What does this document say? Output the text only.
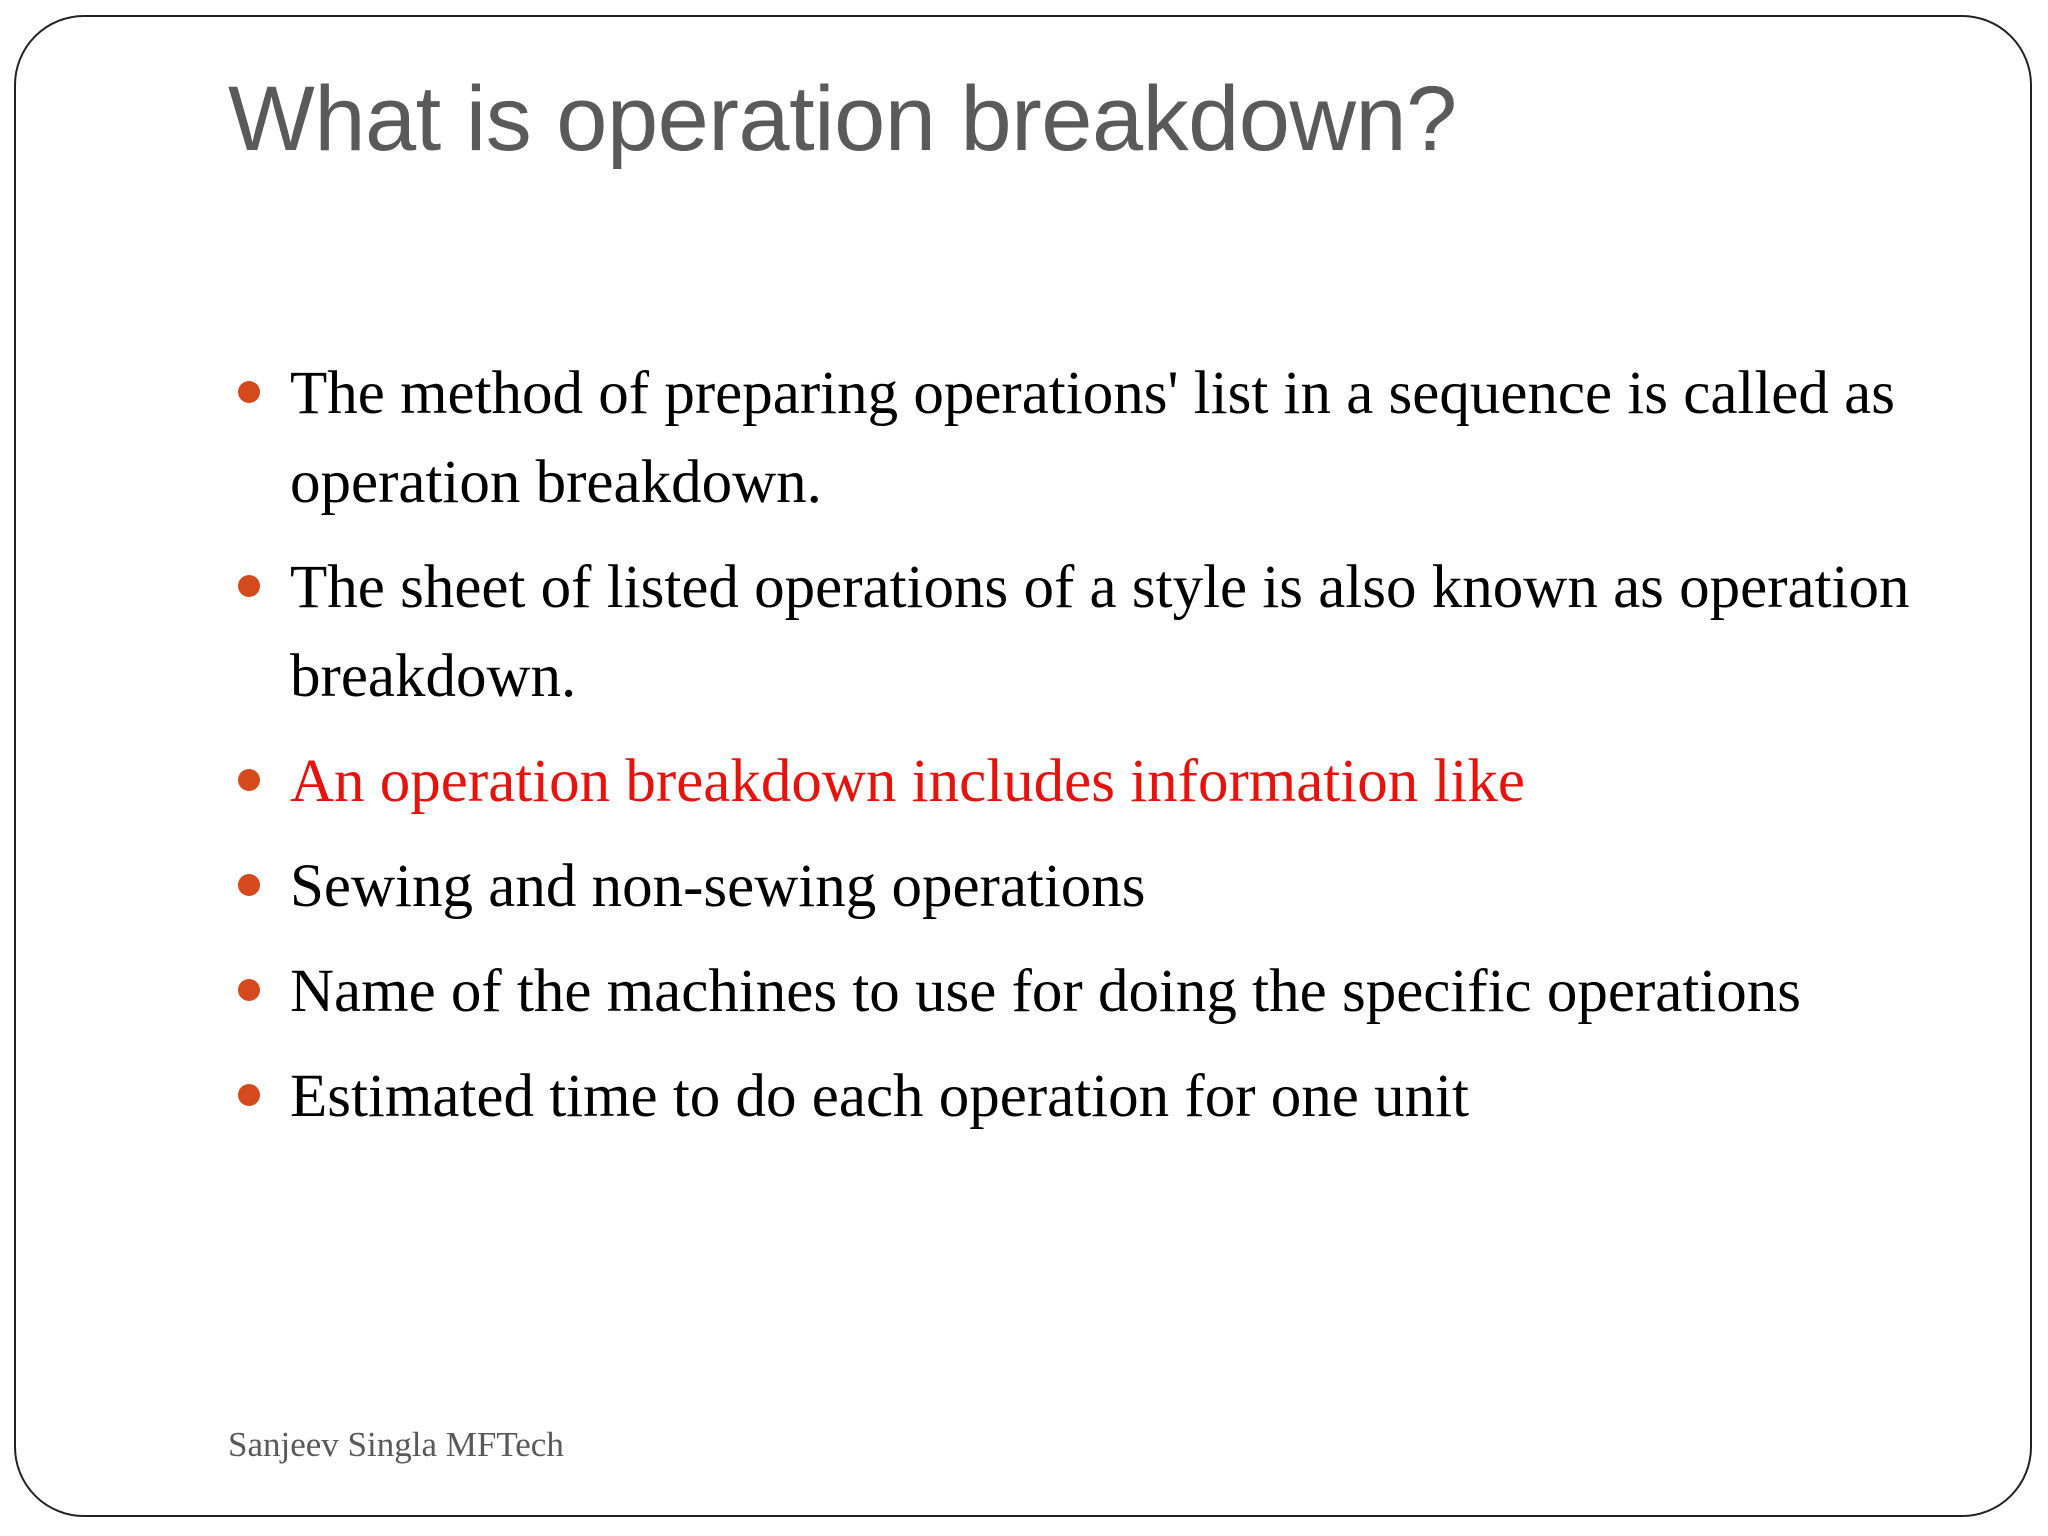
What is operation breakdown?
The method of preparing operations' list in a sequence is called as operation breakdown.
The sheet of listed operations of a style is also known as operation breakdown.
An operation breakdown includes information like
Sewing and non-sewing operations
Name of the machines to use for doing the specific operations
Estimated time to do each operation for one unit
Sanjeev Singla MFTech
